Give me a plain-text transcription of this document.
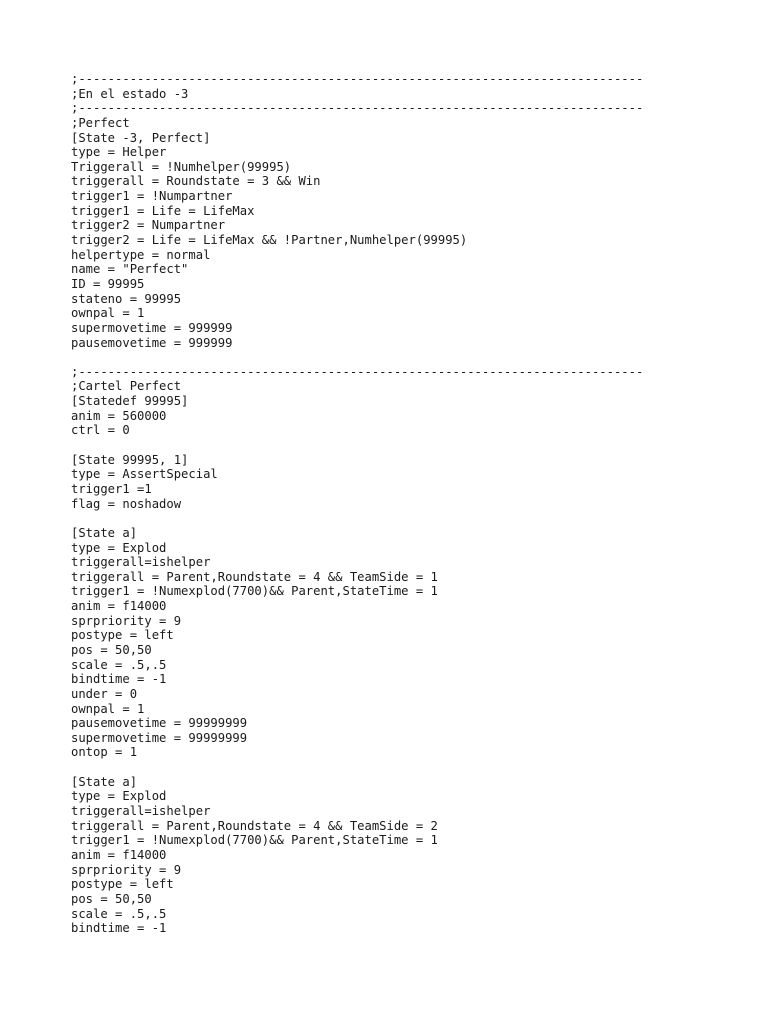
;-----------------------------------------------------------------------------
;En el estado -3
;-----------------------------------------------------------------------------
;Perfect
[State -3, Perfect]
type = Helper
Triggerall = !Numhelper(99995)
triggerall = Roundstate = 3 && Win
trigger1 = !Numpartner
trigger1 = Life = LifeMax
trigger2 = Numpartner
trigger2 = Life = LifeMax && !Partner,Numhelper(99995)
helpertype = normal
name = "Perfect"
ID = 99995
stateno = 99995
ownpal = 1
supermovetime = 999999
pausemovetime = 999999
;-----------------------------------------------------------------------------
;Cartel Perfect
[Statedef 99995]
anim = 560000
ctrl = 0
[State 99995, 1]
type = AssertSpecial
trigger1 =1
flag = noshadow
[State a]
type = Explod
triggerall=ishelper
triggerall = Parent,Roundstate = 4 && TeamSide = 1
trigger1 = !Numexplod(7700)&& Parent,StateTime = 1
anim = f14000
sprpriority = 9
postype = left
pos = 50,50
scale = .5,.5
bindtime = -1
under = 0
ownpal = 1
pausemovetime = 99999999
supermovetime = 99999999
ontop = 1
[State a]
type = Explod
triggerall=ishelper
triggerall = Parent,Roundstate = 4 && TeamSide = 2
trigger1 = !Numexplod(7700)&& Parent,StateTime = 1
anim = f14000
sprpriority = 9
postype = left
pos = 50,50
scale = .5,.5
bindtime = -1
